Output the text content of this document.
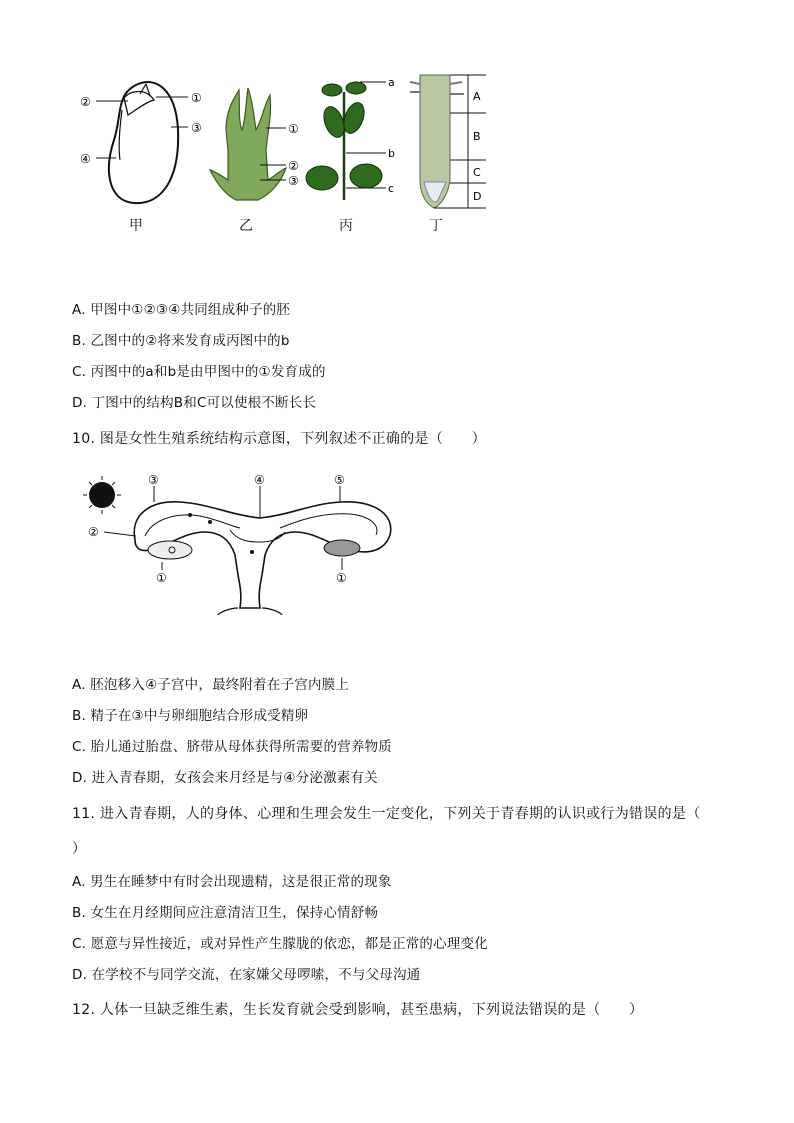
①
③
②
④
①
②
③
a
b
c
A
B
C
D
甲	乙	丙	丁
A. 甲图中①②③④共同组成种子的胚
B. 乙图中的②将来发育成丙图中的b
C. 丙图中的a和b是由甲图中的①发育成的
D. 丁图中的结构B和C可以使根不断长长
10. 图是女性生殖系统结构示意图，下列叙述不正确的是（　　）
③	④	⑤
②
①	①
A. 胚泡移入④子宫中，最终附着在子宫内膜上
B. 精子在③中与卵细胞结合形成受精卵
C. 胎儿通过胎盘、脐带从母体获得所需要的营养物质
D. 进入青春期，女孩会来月经是与④分泌激素有关
11. 进入青春期，人的身体、心理和生理会发生一定变化，下列关于青春期的认识或行为错误的是（
）
A. 男生在睡梦中有时会出现遗精，这是很正常的现象
B. 女生在月经期间应注意清洁卫生，保持心情舒畅
C. 愿意与异性接近，或对异性产生朦胧的依恋，都是正常的心理变化
D. 在学校不与同学交流，在家嫌父母啰嗦，不与父母沟通
12. 人体一旦缺乏维生素，生长发育就会受到影响，甚至患病，下列说法错误的是（　　）
